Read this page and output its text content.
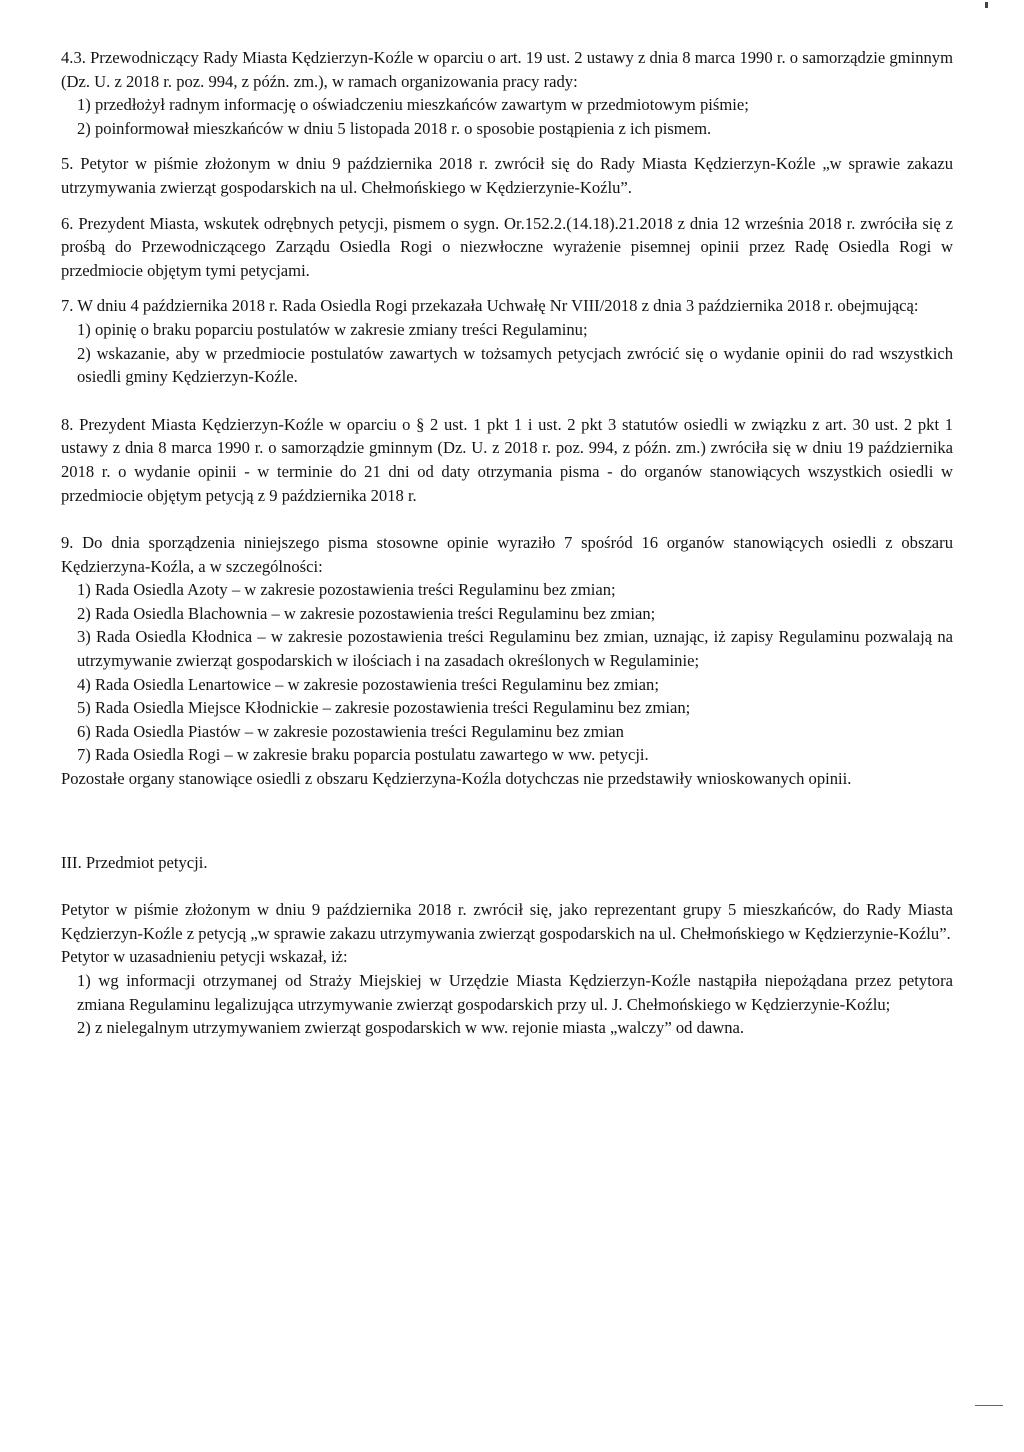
4.3. Przewodniczący Rady Miasta Kędzierzyn-Koźle w oparciu o art. 19 ust. 2 ustawy z dnia 8 marca 1990 r. o samorządzie gminnym (Dz. U. z 2018 r. poz. 994, z późn. zm.), w ramach organizowania pracy rady:

1) przedłożył radnym informację o oświadczeniu mieszkańców zawartym w przedmiotowym piśmie;

2) poinformował mieszkańców w dniu 5 listopada 2018 r. o sposobie postąpienia z ich pismem.

5. Petytor w piśmie złożonym w dniu 9 października 2018 r. zwrócił się do Rady Miasta Kędzierzyn-Koźle „w sprawie zakazu utrzymywania zwierząt gospodarskich na ul. Chełmońskiego w Kędzierzynie-Koźlu”.

6. Prezydent Miasta, wskutek odrębnych petycji, pismem o sygn. Or.152.2.(14.18).21.2018 z dnia 12 września 2018 r. zwróciła się z prośbą do Przewodniczącego Zarządu Osiedla Rogi o niezwłoczne wyrażenie pisemnej opinii przez Radę Osiedla Rogi w przedmiocie objętym tymi petycjami.

7. W dniu 4 października 2018 r. Rada Osiedla Rogi przekazała Uchwałę Nr VIII/2018 z dnia 3 października 2018 r. obejmującą:

1) opinię o braku poparciu postulatów w zakresie zmiany treści Regulaminu;

2) wskazanie, aby w przedmiocie postulatów zawartych w tożsamych petycjach zwrócić się o wydanie opinii do rad wszystkich osiedli gminy Kędzierzyn-Koźle.

8. Prezydent Miasta Kędzierzyn-Koźle w oparciu o § 2 ust. 1 pkt 1 i ust. 2 pkt 3 statutów osiedli w związku z art. 30 ust. 2 pkt 1 ustawy z dnia 8 marca 1990 r. o samorządzie gminnym (Dz. U. z 2018 r. poz. 994, z późn. zm.) zwróciła się w dniu 19 października 2018 r. o wydanie opinii - w terminie do 21 dni od daty otrzymania pisma - do organów stanowiących wszystkich osiedli w przedmiocie objętym petycją z 9 października 2018 r.

9. Do dnia sporządzenia niniejszego pisma stosowne opinie wyraziło 7 spośród 16 organów stanowiących osiedli z obszaru Kędzierzyna-Koźla, a w szczególności:

1) Rada Osiedla Azoty – w zakresie pozostawienia treści Regulaminu bez zmian;

2) Rada Osiedla Blachownia – w zakresie pozostawienia treści Regulaminu bez zmian;

3) Rada Osiedla Kłodnica – w zakresie pozostawienia treści Regulaminu bez zmian, uznając, iż zapisy Regulaminu pozwalają na utrzymywanie zwierząt gospodarskich w ilościach i na zasadach określonych w Regulaminie;

4) Rada Osiedla Lenartowice – w zakresie pozostawienia treści Regulaminu bez zmian;

5) Rada Osiedla Miejsce Kłodnickie – zakresie pozostawienia treści Regulaminu bez zmian;

6) Rada Osiedla Piastów – w zakresie pozostawienia treści Regulaminu bez zmian

7) Rada Osiedla Rogi – w zakresie braku poparcia postulatu zawartego w ww. petycji.

Pozostałe organy stanowiące osiedli z obszaru Kędzierzyna-Koźla dotychczas nie przedstawiły wnioskowanych opinii.

III. Przedmiot petycji.

Petytor w piśmie złożonym w dniu 9 października 2018 r. zwrócił się, jako reprezentant grupy 5 mieszkańców, do Rady Miasta Kędzierzyn-Koźle z petycją „w sprawie zakazu utrzymywania zwierząt gospodarskich na ul. Chełmońskiego w Kędzierzynie-Koźlu”.

Petytor w uzasadnieniu petycji wskazał, iż:

1) wg informacji otrzymanej od Straży Miejskiej w Urzędzie Miasta Kędzierzyn-Koźle nastąpiła niepożądana przez petytora zmiana Regulaminu legalizująca utrzymywanie zwierząt gospodarskich przy ul. J. Chełmońskiego w Kędzierzynie-Koźlu;

2) z nielegalnym utrzymywaniem zwierząt gospodarskich w ww. rejonie miasta „walczy” od dawna.
